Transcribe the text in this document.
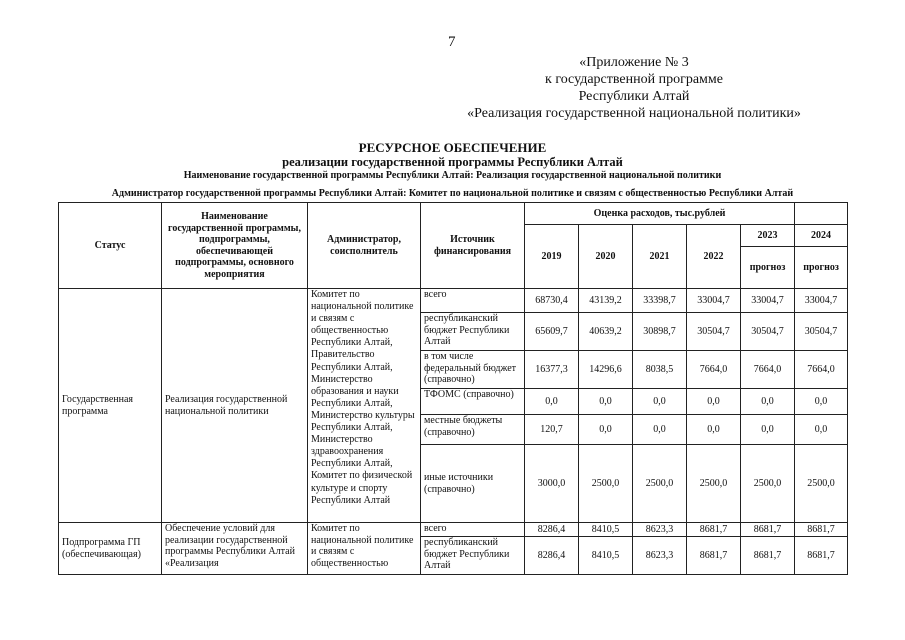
7
«Приложение № 3
к государственной программе
Республики Алтай
«Реализация государственной национальной политики»
РЕСУРСНОЕ ОБЕСПЕЧЕНИЕ
реализации государственной программы Республики Алтай
Наименование государственной программы Республики Алтай: Реализация государственной национальной политики
Администратор государственной программы Республики Алтай: Комитет по национальной политике и связям с общественностью Республики Алтай
Статус	Наименование государственной программы, подпрограммы, обеспечивающей подпрограммы, основного мероприятия	Администратор, соисполнитель	Источник финансирования	Оценка расходов, тыс.рублей					
				2019	2020	2021	2022	2023	2024
								прогноз	прогноз
Государственная программа	Реализация государственной национальной политики	Комитет по национальной политике и связям с общественностью Республики Алтай, Правительство Республики Алтай, Министерство образования и науки Республики Алтай, Министерство культуры Республики Алтай, Министерство здравоохранения Республики Алтай, Комитет по физической культуре и спорту Республики Алтай	всего	68730,4	43139,2	33398,7	33004,7	33004,7	33004,7
			республиканский бюджет Республики Алтай	65609,7	40639,2	30898,7	30504,7	30504,7	30504,7
			в том числе федеральный бюджет (справочно)	16377,3	14296,6	8038,5	7664,0	7664,0	7664,0
			ТФОМС (справочно)	0,0	0,0	0,0	0,0	0,0	0,0
			местные бюджеты (справочно)	120,7	0,0	0,0	0,0	0,0	0,0
			иные источники (справочно)	3000,0	2500,0	2500,0	2500,0	2500,0	2500,0
Подпрограмма ГП (обеспечивающая)	Обеспечение условий для реализации государственной программы Республики Алтай «Реализация	Комитет по национальной политике и связям с общественностью	всего	8286,4	8410,5	8623,3	8681,7	8681,7	8681,7
			республиканский бюджет Республики Алтай	8286,4	8410,5	8623,3	8681,7	8681,7	8681,7
